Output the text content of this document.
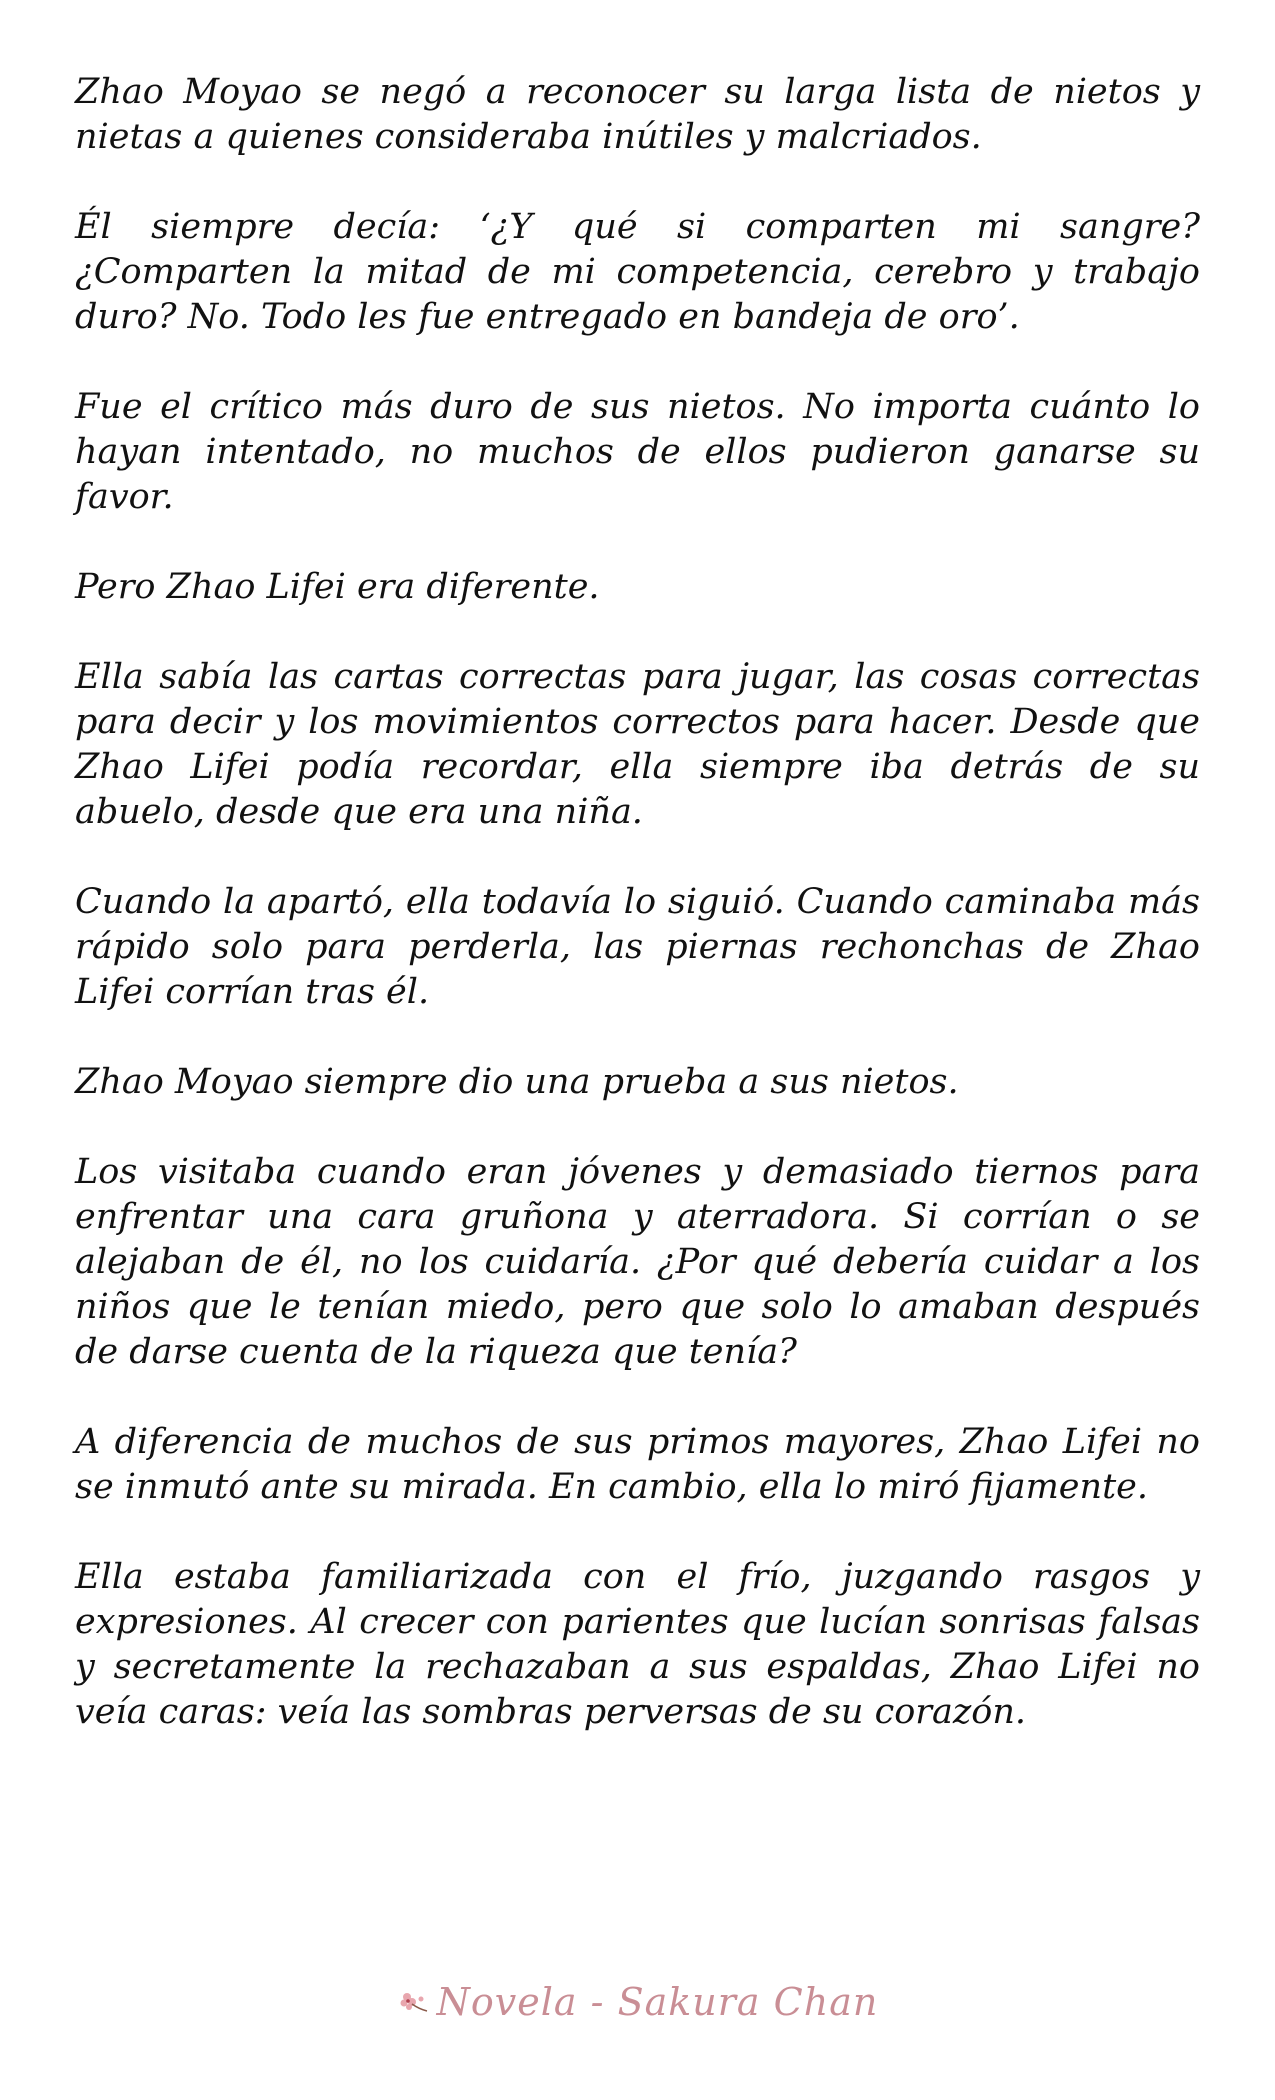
Zhao Moyao se negó a reconocer su larga lista de nietos y nietas a quienes consideraba inútiles y malcriados.

Él siempre decía: ‘¿Y qué si comparten mi sangre? ¿Comparten la mitad de mi competencia, cerebro y trabajo duro? No. Todo les fue entregado en bandeja de oro’.

Fue el crítico más duro de sus nietos. No importa cuánto lo hayan intentado, no muchos de ellos pudieron ganarse su favor.

Pero Zhao Lifei era diferente.

Ella sabía las cartas correctas para jugar, las cosas correctas para decir y los movimientos correctos para hacer. Desde que Zhao Lifei podía recordar, ella siempre iba detrás de su abuelo, desde que era una niña.

Cuando la apartó, ella todavía lo siguió. Cuando caminaba más rápido solo para perderla, las piernas rechonchas de Zhao Lifei corrían tras él.

Zhao Moyao siempre dio una prueba a sus nietos.

Los visitaba cuando eran jóvenes y demasiado tiernos para enfrentar una cara gruñona y aterradora. Si corrían o se alejaban de él, no los cuidaría. ¿Por qué debería cuidar a los niños que le tenían miedo, pero que solo lo amaban después de darse cuenta de la riqueza que tenía?

A diferencia de muchos de sus primos mayores, Zhao Lifei no se inmutó ante su mirada. En cambio, ella lo miró fijamente.

Ella estaba familiarizada con el frío, juzgando rasgos y expresiones. Al crecer con parientes que lucían sonrisas falsas y secretamente la rechazaban a sus espaldas, Zhao Lifei no veía caras: veía las sombras perversas de su corazón.

Novela - Sakura Chan
